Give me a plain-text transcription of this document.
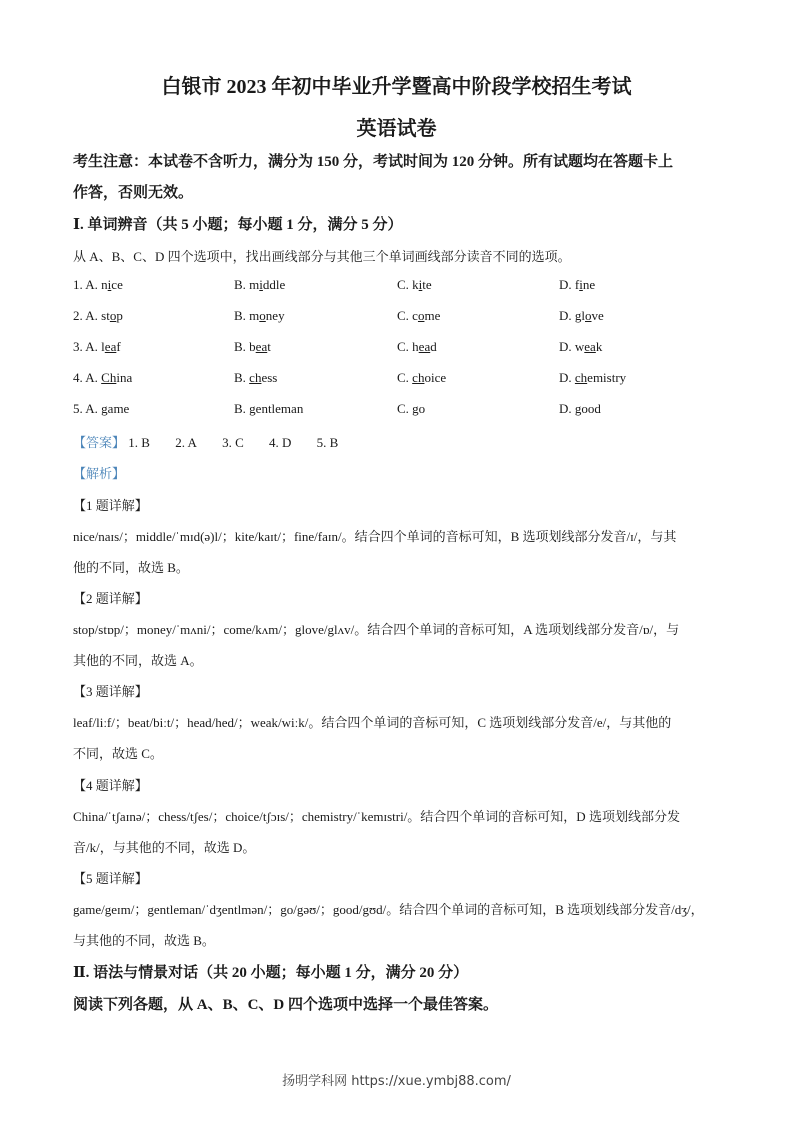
白银市 2023 年初中毕业升学暨高中阶段学校招生考试
英语试卷
考生注意：本试卷不含听力，满分为 150 分，考试时间为 120 分钟。所有试题均在答题卡上
作答，否则无效。
Ⅰ. 单词辨音（共 5 小题；每小题 1 分，满分 5 分）
从 A、B、C、D 四个选项中，找出画线部分与其他三个单词画线部分读音不同的选项。
1. A. nice	B. middle	C. kite	D. fine
2. A. stop	B. money	C. come	D. glove
3. A. leaf	B. beat	C. head	D. weak
4. A. China	B. chess	C. choice	D. chemistry
5. A. game	B. gentleman	C. go	D. good
【答案】 1. B 2. A 3. C 4. D 5. B
【解析】
【1 题详解】
nice/naɪs/；middle/ˈmɪd(ə)l/；kite/kaɪt/；fine/faɪn/。结合四个单词的音标可知，B 选项划线部分发音/ɪ/，与其
他的不同，故选 B。
【2 题详解】
stop/stɒp/；money/ˈmʌni/；come/kʌm/；glove/glʌv/。结合四个单词的音标可知，A 选项划线部分发音/ɒ/，与
其他的不同，故选 A。
【3 题详解】
leaf/liːf/；beat/biːt/；head/hed/；weak/wiːk/。结合四个单词的音标可知，C 选项划线部分发音/e/，与其他的
不同，故选 C。
【4 题详解】
China/ˈtʃaɪnə/；chess/tʃes/；choice/tʃɔɪs/；chemistry/ˈkemɪstri/。结合四个单词的音标可知，D 选项划线部分发
音/k/，与其他的不同，故选 D。
【5 题详解】
game/geɪm/；gentleman/ˈdʒentlmən/；go/gəʊ/；good/gʊd/。结合四个单词的音标可知，B 选项划线部分发音/dʒ/，
与其他的不同，故选 B。
Ⅱ. 语法与情景对话（共 20 小题；每小题 1 分，满分 20 分）
阅读下列各题，从 A、B、C、D 四个选项中选择一个最佳答案。
扬明学科网 https://xue.ymbj88.com/
